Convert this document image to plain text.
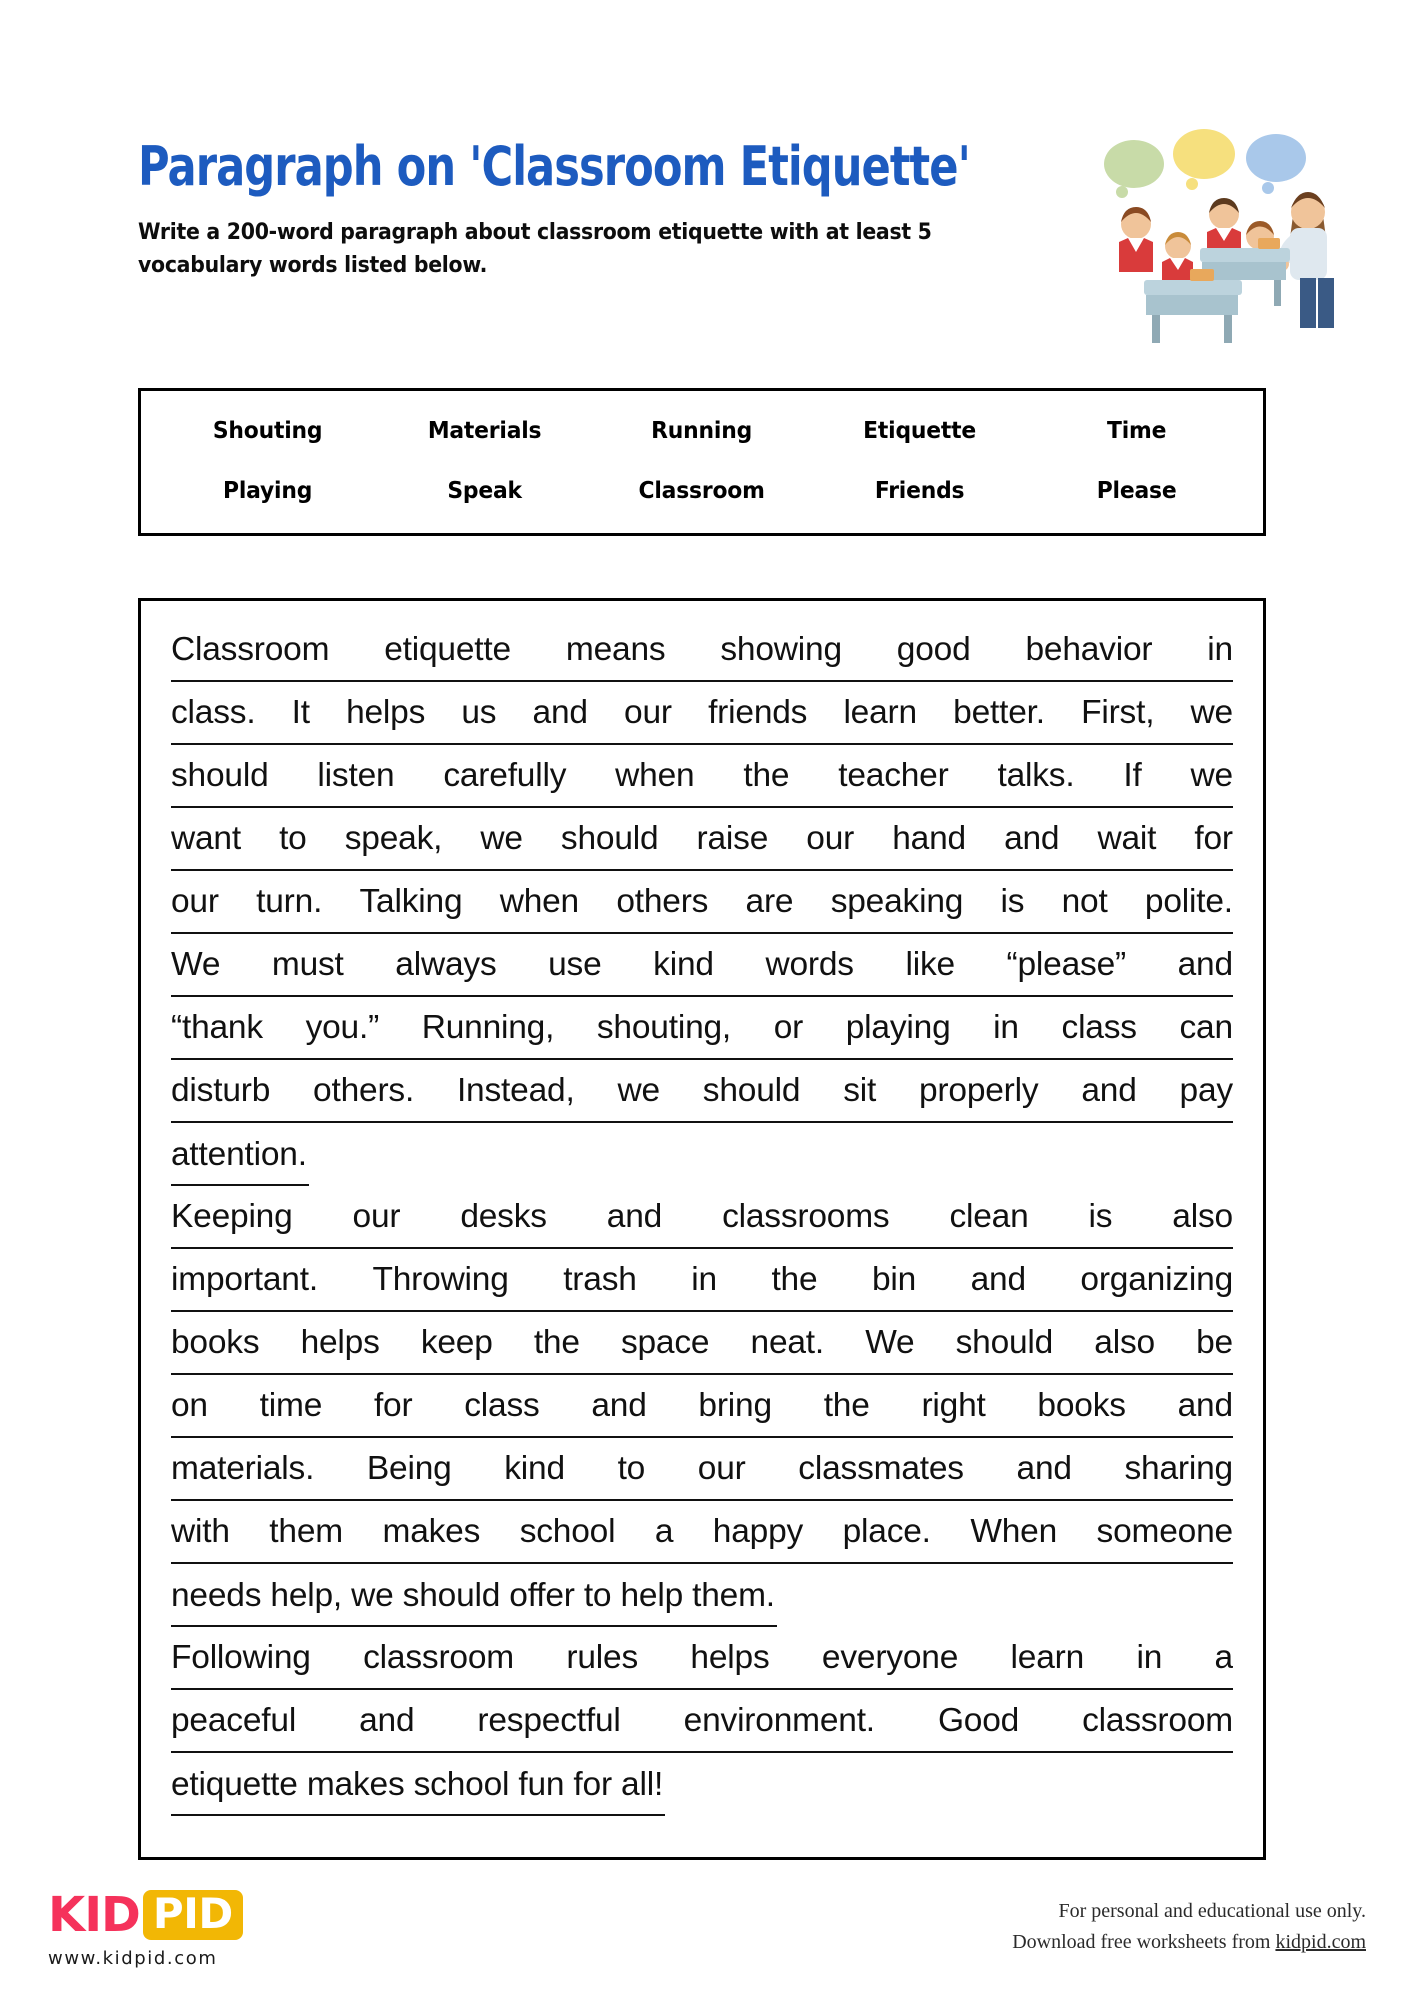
Paragraph on 'Classroom Etiquette'
Write a 200-word paragraph about classroom etiquette with at least 5 vocabulary words listed below.
Shouting	Materials	Running	Etiquette	Time
Playing	Speak	Classroom	Friends	Please
Classroom etiquette means showing good behavior in
class. It helps us and our friends learn better. First, we
should listen carefully when the teacher talks. If we
want to speak, we should raise our hand and wait for
our turn. Talking when others are speaking is not polite.
We must always use kind words like “please” and
“thank you.” Running, shouting, or playing in class can
disturb others. Instead, we should sit properly and pay
attention.
Keeping our desks and classrooms clean is also
important. Throwing trash in the bin and organizing
books helps keep the space neat. We should also be
on time for class and bring the right books and
materials. Being kind to our classmates and sharing
with them makes school a happy place. When someone
needs help, we should offer to help them.
Following classroom rules helps everyone learn in a
peaceful and respectful environment. Good classroom
etiquette makes school fun for all!
KID PID
www.kidpid.com
For personal and educational use only.
Download free worksheets from kidpid.com
